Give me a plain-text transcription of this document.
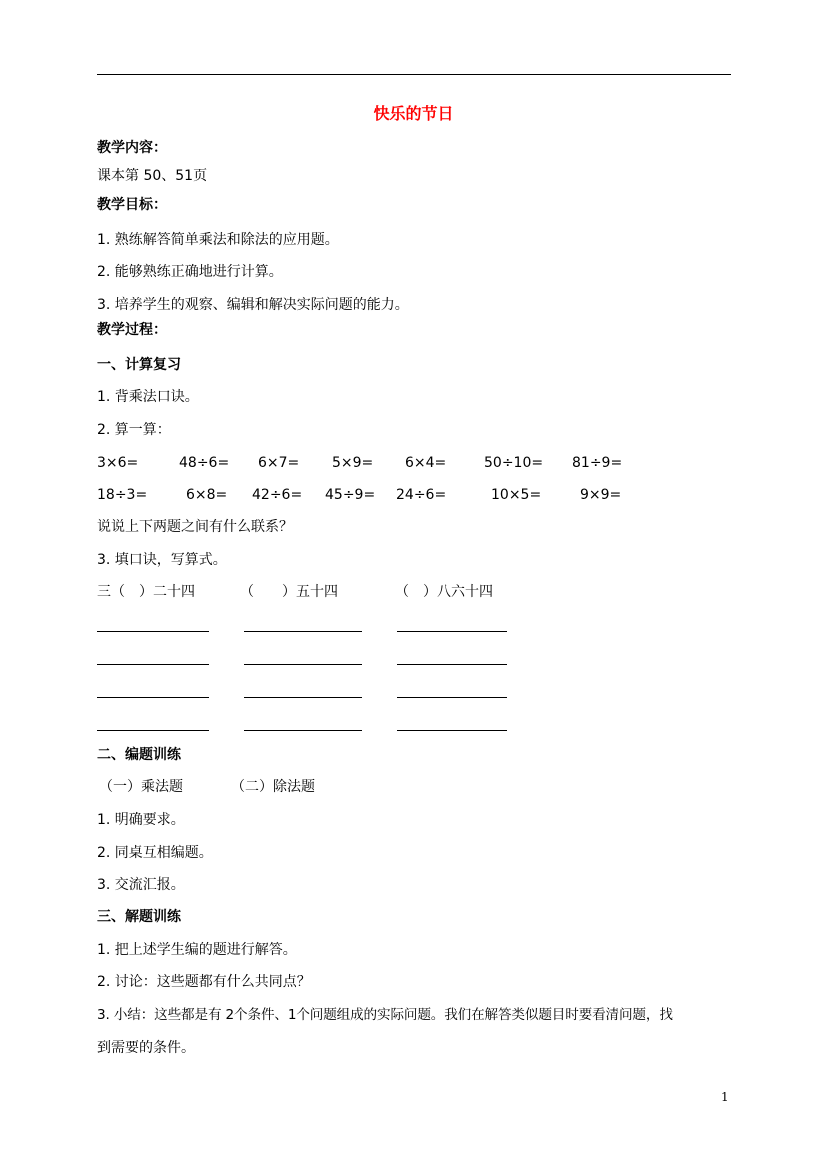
快乐的节日
教学内容：
课本第 50、51页
教学目标：
1. 熟练解答简单乘法和除法的应用题。
2. 能够熟练正确地进行计算。
3. 培养学生的观察、编辑和解决实际问题的能力。
教学过程：
一、计算复习
1. 背乘法口诀。
2. 算一算：
3×6=	48÷6= 6×7= 5×9= 6×4=	50÷10= 81÷9=
18÷3=	6×8= 42÷6= 45÷9= 24÷6=	10×5=	9×9=
说说上下两题之间有什么联系？
3. 填口诀，写算式。
三（　）二十四	（　　）五十四	（　）八六十四
二、编题训练
（一）乘法题	（二）除法题
1. 明确要求。
2. 同桌互相编题。
3. 交流汇报。
三、解题训练
1. 把上述学生编的题进行解答。
2. 讨论：这些题都有什么共同点？
3. 小结：这些都是有 2个条件、1个问题组成的实际问题。我们在解答类似题目时要看清问题，找
到需要的条件。
1
